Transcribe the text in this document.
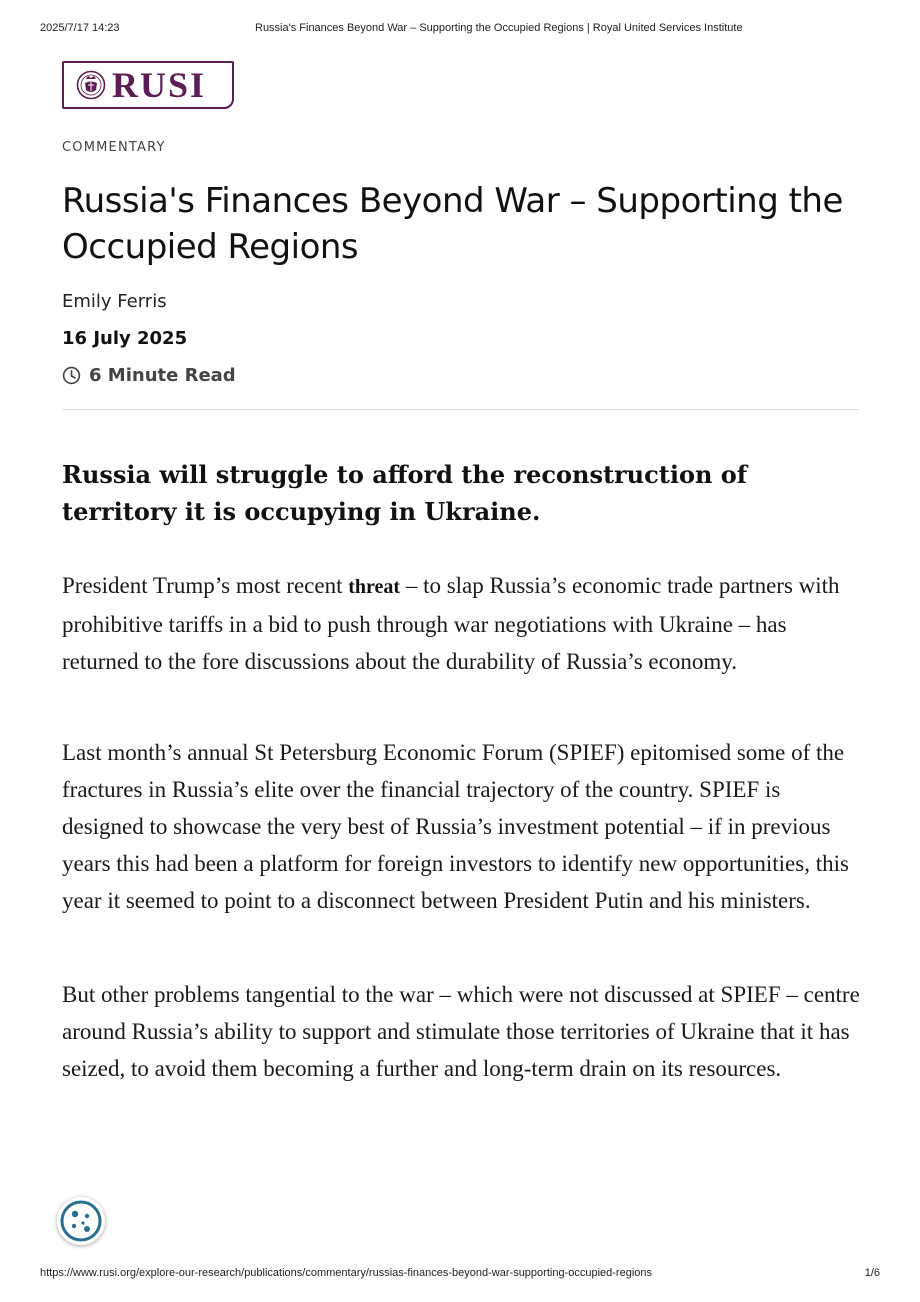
2025/7/17 14:23	Russia's Finances Beyond War – Supporting the Occupied Regions | Royal United Services Institute
RUSI
COMMENTARY
Russia's Finances Beyond War – Supporting the Occupied Regions
Emily Ferris
16 July 2025
6 Minute Read

Russia will struggle to afford the reconstruction of territory it is occupying in Ukraine.

President Trump’s most recent threat – to slap Russia’s economic trade partners with prohibitive tariffs in a bid to push through war negotiations with Ukraine – has returned to the fore discussions about the durability of Russia’s economy.

Last month’s annual St Petersburg Economic Forum (SPIEF) epitomised some of the fractures in Russia’s elite over the financial trajectory of the country. SPIEF is designed to showcase the very best of Russia’s investment potential – if in previous years this had been a platform for foreign investors to identify new opportunities, this year it seemed to point to a disconnect between President Putin and his ministers.

But other problems tangential to the war – which were not discussed at SPIEF – centre around Russia’s ability to support and stimulate those territories of Ukraine that it has seized, to avoid them becoming a further and long-term drain on its resources.

https://www.rusi.org/explore-our-research/publications/commentary/russias-finances-beyond-war-supporting-occupied-regions	1/6
